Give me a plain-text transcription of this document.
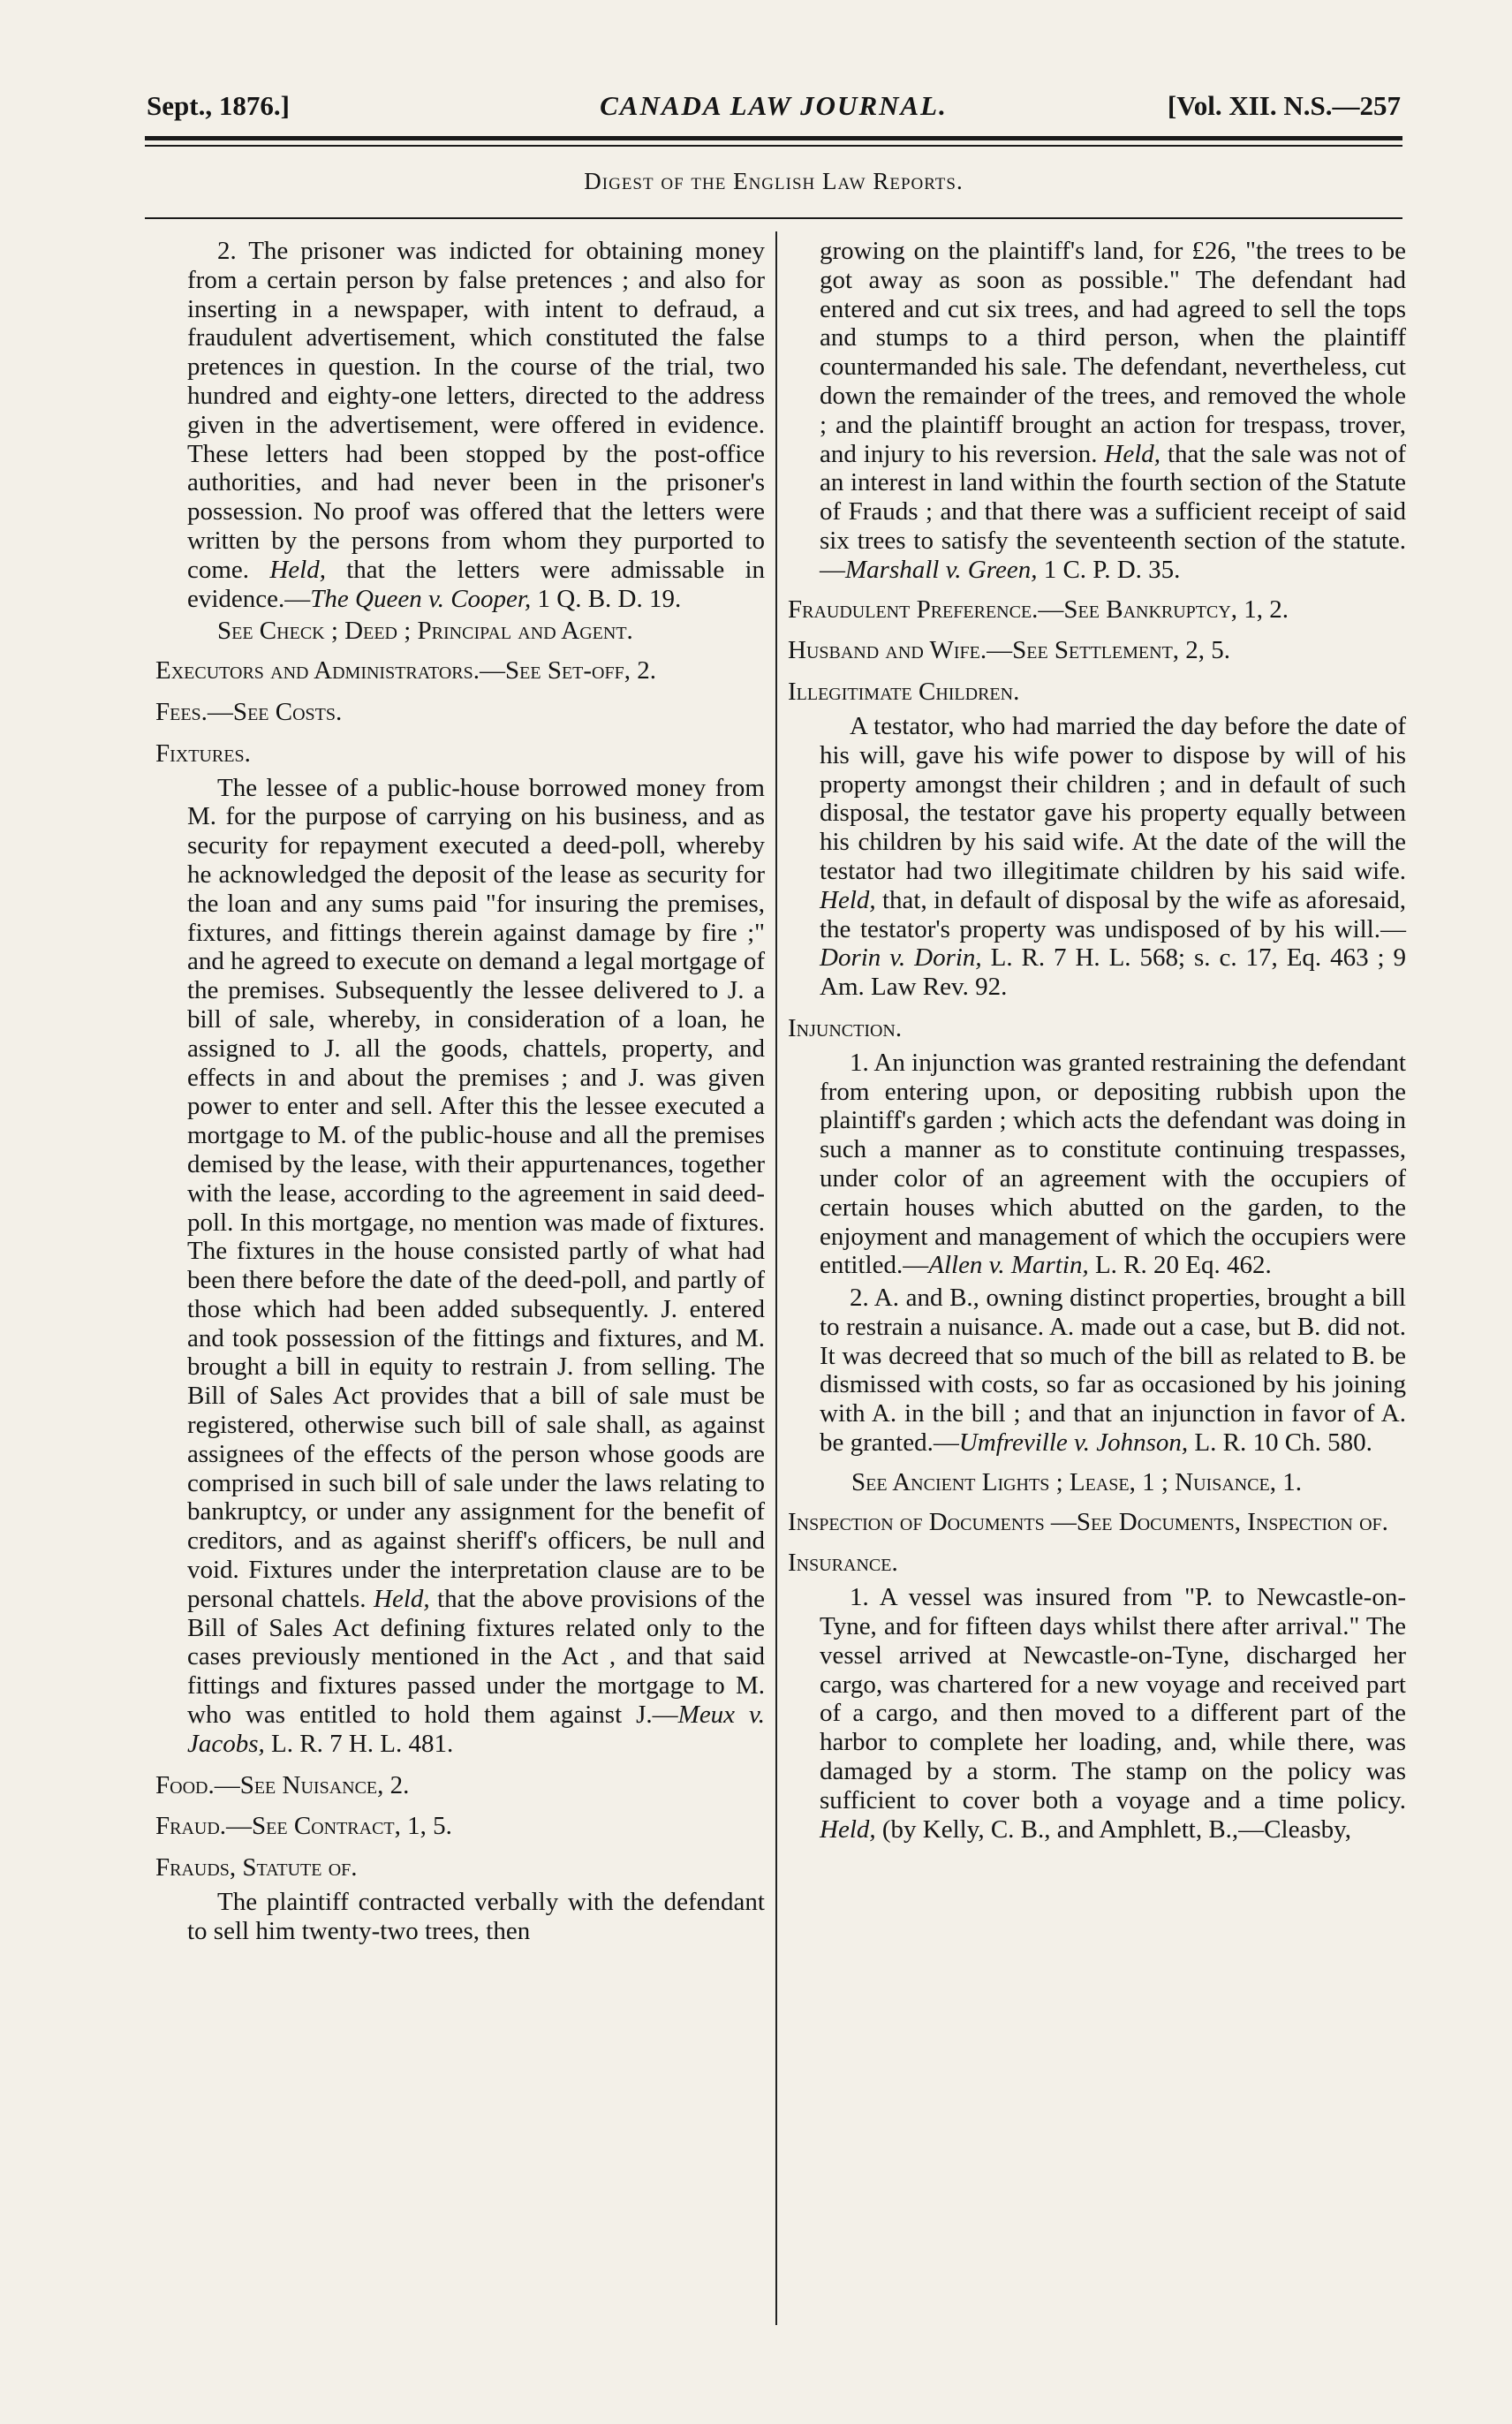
Sept., 1876.]	CANADA LAW JOURNAL.	[Vol. XII. N.S.—257
Digest of the English Law Reports.

2. The prisoner was indicted for obtaining money from a certain person by false pretences ; and also for inserting in a newspaper, with intent to defraud, a fraudulent advertisement, which constituted the false pretences in question. In the course of the trial, two hundred and eighty-one letters, directed to the address given in the advertisement, were offered in evidence. These letters had been stopped by the post-office authorities, and had never been in the prisoner's possession. No proof was offered that the letters were written by the persons from whom they purported to come. Held, that the letters were admissable in evidence.—The Queen v. Cooper, 1 Q. B. D. 19.

See Check ; Deed ; Principal and Agent.

Executors and Administrators.—See Set-off, 2.

Fees.—See Costs.

Fixtures.

The lessee of a public-house borrowed money from M. for the purpose of carrying on his business, and as security for repayment executed a deed-poll, whereby he acknowledged the deposit of the lease as security for the loan and any sums paid "for insuring the premises, fixtures, and fittings therein against damage by fire ;" and he agreed to execute on demand a legal mortgage of the premises. Subsequently the lessee delivered to J. a bill of sale, whereby, in consideration of a loan, he assigned to J. all the goods, chattels, property, and effects in and about the premises ; and J. was given power to enter and sell. After this the lessee executed a mortgage to M. of the public-house and all the premises demised by the lease, with their appurtenances, together with the lease, according to the agreement in said deed-poll. In this mortgage, no mention was made of fixtures. The fixtures in the house consisted partly of what had been there before the date of the deed-poll, and partly of those which had been added subsequently. J. entered and took possession of the fittings and fixtures, and M. brought a bill in equity to restrain J. from selling. The Bill of Sales Act provides that a bill of sale must be registered, otherwise such bill of sale shall, as against assignees of the effects of the person whose goods are comprised in such bill of sale under the laws relating to bankruptcy, or under any assignment for the benefit of creditors, and as against sheriff's officers, be null and void. Fixtures under the interpretation clause are to be personal chattels. Held, that the above provisions of the Bill of Sales Act defining fixtures related only to the cases previously mentioned in the Act , and that said fittings and fixtures passed under the mortgage to M. who was entitled to hold them against J.—Meux v. Jacobs, L. R. 7 H. L. 481.

Food.—See Nuisance, 2.

Fraud.—See Contract, 1, 5.

Frauds, Statute of.

The plaintiff contracted verbally with the defendant to sell him twenty-two trees, then

growing on the plaintiff's land, for £26, "the trees to be got away as soon as possible." The defendant had entered and cut six trees, and had agreed to sell the tops and stumps to a third person, when the plaintiff countermanded his sale. The defendant, nevertheless, cut down the remainder of the trees, and removed the whole ; and the plaintiff brought an action for trespass, trover, and injury to his reversion. Held, that the sale was not of an interest in land within the fourth section of the Statute of Frauds ; and that there was a sufficient receipt of said six trees to satisfy the seventeenth section of the statute.—Marshall v. Green, 1 C. P. D. 35.

Fraudulent Preference.—See Bankruptcy, 1, 2.

Husband and Wife.—See Settlement, 2, 5.

Illegitimate Children.

A testator, who had married the day before the date of his will, gave his wife power to dispose by will of his property amongst their children ; and in default of such disposal, the testator gave his property equally between his children by his said wife. At the date of the will the testator had two illegitimate children by his said wife. Held, that, in default of disposal by the wife as aforesaid, the testator's property was undisposed of by his will.—Dorin v. Dorin, L. R. 7 H. L. 568; s. c. 17, Eq. 463 ; 9 Am. Law Rev. 92.

Injunction.

1. An injunction was granted restraining the defendant from entering upon, or depositing rubbish upon the plaintiff's garden ; which acts the defendant was doing in such a manner as to constitute continuing trespasses, under color of an agreement with the occupiers of certain houses which abutted on the garden, to the enjoyment and management of which the occupiers were entitled.—Allen v. Martin, L. R. 20 Eq. 462.

2. A. and B., owning distinct properties, brought a bill to restrain a nuisance. A. made out a case, but B. did not. It was decreed that so much of the bill as related to B. be dismissed with costs, so far as occasioned by his joining with A. in the bill ; and that an injunction in favor of A. be granted.—Umfreville v. Johnson, L. R. 10 Ch. 580.

See Ancient Lights ; Lease, 1 ; Nuisance, 1.

Inspection of Documents —See Documents, Inspection of.

Insurance.

1. A vessel was insured from "P. to Newcastle-on-Tyne, and for fifteen days whilst there after arrival." The vessel arrived at Newcastle-on-Tyne, discharged her cargo, was chartered for a new voyage and received part of a cargo, and then moved to a different part of the harbor to complete her loading, and, while there, was damaged by a storm. The stamp on the policy was sufficient to cover both a voyage and a time policy. Held, (by Kelly, C. B., and Amphlett, B.,—Cleasby,
